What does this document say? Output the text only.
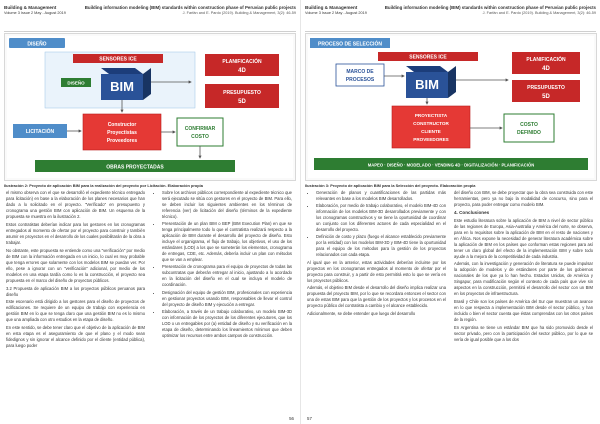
Building & Management
Volume 3 Issue 2 May - August 2019
Building information modeling (BIM) standards within construction phase of Peruvian public projects
J. Farfán and E. Pardo (2019). Building & Management, 3(2): 46-59
DISEÑO
SENSORES ICE
BIM
DISEÑO
PLANIFICACIÓN
4D
PRESUPUESTO
5D
Constructor
Proyectistas
Proveedores
CONFIRMAR
COSTO
LICITACIÓN
OBRAS PROYECTADAS
Ilustración 2: Proyecto de aplicación BIM para la realización del proyecto por Licitación. Elaboración propia

el mismo observa con el que se desarrolló el expediente técnico entregado para licitación) en base a la elaboración de los planes necesarios que han dado a lo solicitado en el proyecto. "Verificado" en presupuesto y cronograma una gestión BIM con aplicación de BIM. Un esquema de la propuesta se muestra en la ilustración 2.

Estos contratistas deberían indicar para los gestores en los cronogramas entregados al momento de ofertar por el proyecto para construir y también asumir en proyectos en el desarrollo de los cuales posibilitarán de la obra a trabajar.

No obstante, este propuesta se entiende como una "verificación" por medio de BIM con la información entregada en un inicio, lo cual es muy probable que tenga errores que solamente con los modelos BIM se puedan ver. Por ello, pese a ignorar con un "verificación" adicional, por medio de los modelos en una etapa tardía como lo es la construcción, el proyecto sea propuesta en el marco del diseño de proyectos públicos.

3.2 Propuesta de aplicación BIM a los proyectos públicos peruanos para diseño

Este escenario está dirigido a los gestores para el diseño de proyectos de edificaciones. Se requiere de un equipo de trabajo con experiencia en gestión BIM en lo que se tenga claro que una gestión BIM no es lo mismo que una ampliada con otro estudios en la etapa de diseño.

En este sentido, se debe tener claro que el objetivo de la aplicación de BIM en esta etapa es el aseguramiento de que el plano y el modo sean fidedignos y sin ignorar el alcance definido por el cliente (entidad pública), para luego poder

• Sobre los archivos públicos correspondiente al expediente técnico que será ejecutado se sitúa con gestores en el proyecto de BIM. Para ello, se deben incluir los siguientes ambientes en los términos de referencia (ver) de licitación del diseño (términos de la expediente técnico).
• Presentación de un plan BIM o BEP (BIM Execution Plan) en que se tenga principalmente todo lo que el contratista realizará respecto a la aplicación de BIM durante el desarrollo del proyecto de diseño. Esto incluye el organigrama, el flujo de trabajo, los objetivos, el uso de los estándares (LOD) a los que se someterán los elementos, cronograma de entregas, CDE, etc. Además, debería incluir un plan con métodos que se van a emplear.
• Presentación de cronograma para el equipo de proyectos de todas las subcontratas que deberán entregar al inicio, ajustando a lo acordado en la licitación del diseño en el cual se incluya el modelo de coordinación.
• Designación del equipo de gestión BIM, profesionales con experiencia en gestionar proyectos usando BIM, responsables de llevar el control del proyecto de diseño BIM y ejecución a entregar.
• Elaboración, a través de un trabajo colaborativo, un modelo BIM-3D con información de los proyectos de los diferentes ejecutores, que los LOD o un entregables por (a) entidad de diseño y su verificación en la etapa de diseño, determinando los lineamientos mínimos que deben optimizar los recursos entre ambos campos de construcción.
56
Building & Management
Volume 3 Issue 2 May - August 2019
Building information modeling (BIM) standards within construction phase of Peruvian public projects
J. Farfán and E. Pardo (2019). Building & Management, 3(2): 46-59
PROCESO DE SELECCIÓN
SENSORES ICE
MARCO DE
PROCESOS	BIM
PLANIFICACIÓN
4D
PRESUPUESTO
5D
PROYECTISTA
CONSTRUCTOR
CLIENTE
PROVEEDORES
COSTO
DEFINIDO
MAPEO · DISEÑO · MODELADO · VENDING 4D · DIGITALIZACIÓN · PLANIFICACIÓN
Ilustración 3: Proyecto de aplicación BIM para la Selección del proyecto. Elaboración propia
• Generación de planos y cuantificaciones de las partidas más relevantes en base a los modelos BIM desarrollados.
• Elaboración, por medio de trabajo colaborativo, el modelo BIM-4D con información de los modelos BIM-3D desarrollados previamente y con los cronogramas constructivos y se tiene la oportunidad de coordinar un conjunto con los diferentes actores de cada especialidad en el desarrollo del proyecto.
• Definición de costo y plazo (fuego el alcance establecido previamente por la entidad) con los modelos BIM-3D y BIM-4D tiene la oportunidad para el equipo de los métodos para la gestión de los proyectos relacionados con cada etapa.

Al igual que en la anterior, estas actividades deberían incluirse por los proyectos en los cronogramas entregados al momento de ofertar por el proyecto para construir, y a partir de esto permitirá esto lo que se vería en los proyectos públicos.

Además, el objetivo BIM desde el desarrollo del diseño implica realizar una propuesta del proyecto BIM, por lo que se recordara entonces el sector con una de estas BIM para que la gestión de los proyectos y los procesos en el proyecto público del contratista a cambio y el alcance establecido.

Adicionalmente, se debe entender que luego del desarrollo

del diseño con BIM, se debe proyectar que la obra sea construida con este herramientas, pero ya no bajo la modalidad de concurso, sino para el proyecto, para poder entregar como modelo BIM.

4. Conclusiones

Este estudio literatura sobre la aplicación de BIM a nivel de sector público de las regiones de Europa, Asia-Australia y América del norte, se observa, para en lo requisitos sobre la aplicación de BIM en el resto de naciones y en África. Nos expone la necesidad de generar literatura académica sobre la aplicación de BIM en los países que conforman estas regiones para así tener un claro global del efecto de la implementación BIM y sobre todo ayude a la mejora de la competitividad de cada industria.

Además, con la investigación y generación de literatura se puede impulsar la adopción de modelos y de estándares por parte de los gobiernos nacionales de los que ya lo han hecho. Estados Unidos, de América y Singapur, para modificación según el contexto de cada país que vive sin aspectos en la construcción, permitirá el desarrollo del sector con un BIM en los proyectos de infraestructura.

Brasil y Chile son los países de América del Sur que muestran un avance en lo que respecta a implementación BIM desde el sector público, y han incluido o bien el sector cuenta que éstas comprendas con los otros países de la región.

En Argentina se tiene un estándar BIM que ha sido promovido desde el sector privado, pero con la participación del sector público, por lo que se vería de igual posible que a los dos

57
